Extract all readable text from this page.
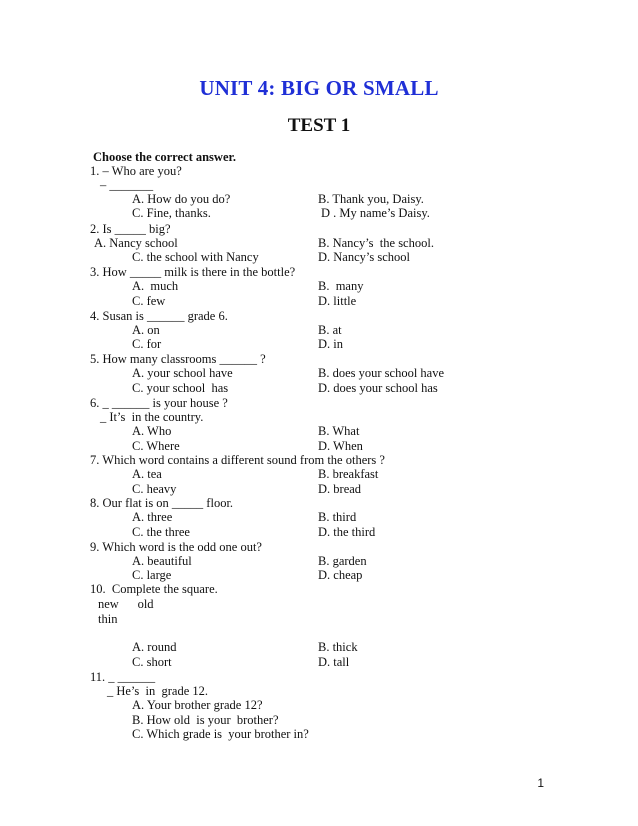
UNIT 4: BIG OR SMALL
TEST 1
Choose the correct answer.
1. – Who are you?
– _______
A. How do you do?	B. Thank you, Daisy.
C. Fine, thanks.	D . My name’s Daisy.
2. Is _____ big?
A. Nancy school	B. Nancy’s  the school.
C. the school with Nancy	D. Nancy’s school
3. How _____ milk is there in the bottle?
A.  much	B.  many
C. few	D. little
4. Susan is ______ grade 6.
A. on	B. at
C. for	D. in
5. How many classrooms ______ ?
A. your school have	B. does your school have
C. your school  has	D. does your school has
6. _ ______ is your house ?
_ It’s  in the country.
A. Who	B. What
C. Where	D. When
7. Which word contains a different sound from the others ?
A. tea	B. breakfast
C. heavy	D. bread
8. Our flat is on _____ floor.
A. three	B. third
C. the three	D. the third
9. Which word is the odd one out?
A. beautiful	B. garden
C. large	D. cheap
10.  Complete the square.
new      old
thin
A. round	B. thick
C. short	D. tall
11. _ ______
_ He’s  in  grade 12.
A. Your brother grade 12?
B. How old  is your  brother?
C. Which grade is  your brother in?
1
